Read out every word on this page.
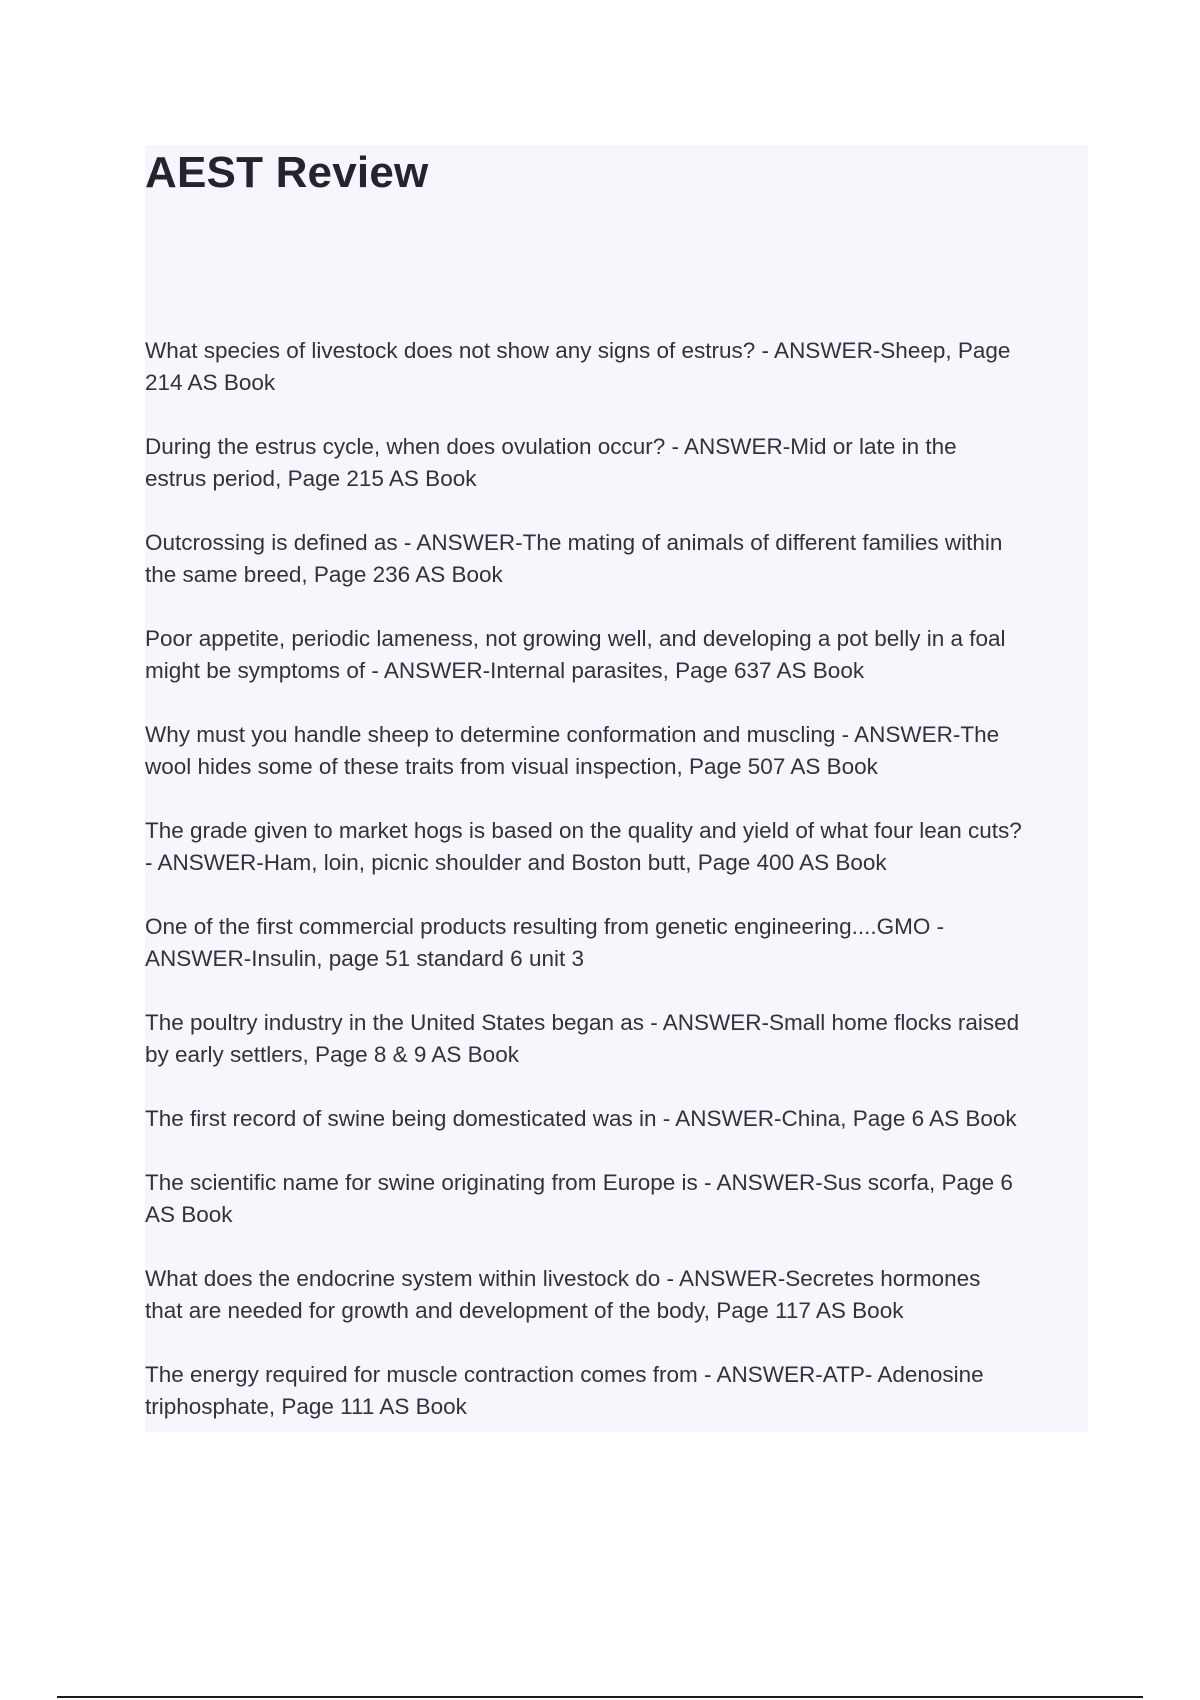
AEST Review
What species of livestock does not show any signs of estrus? - ANSWER-Sheep, Page
214 AS Book
During the estrus cycle, when does ovulation occur? - ANSWER-Mid or late in the
estrus period, Page 215 AS Book
Outcrossing is defined as - ANSWER-The mating of animals of different families within
the same breed, Page 236 AS Book
Poor appetite, periodic lameness, not growing well, and developing a pot belly in a foal
might be symptoms of - ANSWER-Internal parasites, Page 637 AS Book
Why must you handle sheep to determine conformation and muscling - ANSWER-The
wool hides some of these traits from visual inspection, Page 507 AS Book
The grade given to market hogs is based on the quality and yield of what four lean cuts?
- ANSWER-Ham, loin, picnic shoulder and Boston butt, Page 400 AS Book
One of the first commercial products resulting from genetic engineering....GMO -
ANSWER-Insulin, page 51 standard 6 unit 3
The poultry industry in the United States began as - ANSWER-Small home flocks raised
by early settlers, Page 8 & 9 AS Book
The first record of swine being domesticated was in - ANSWER-China, Page 6 AS Book
The scientific name for swine originating from Europe is - ANSWER-Sus scorfa, Page 6
AS Book
What does the endocrine system within livestock do - ANSWER-Secretes hormones
that are needed for growth and development of the body, Page 117 AS Book
The energy required for muscle contraction comes from - ANSWER-ATP- Adenosine
triphosphate, Page 111 AS Book
